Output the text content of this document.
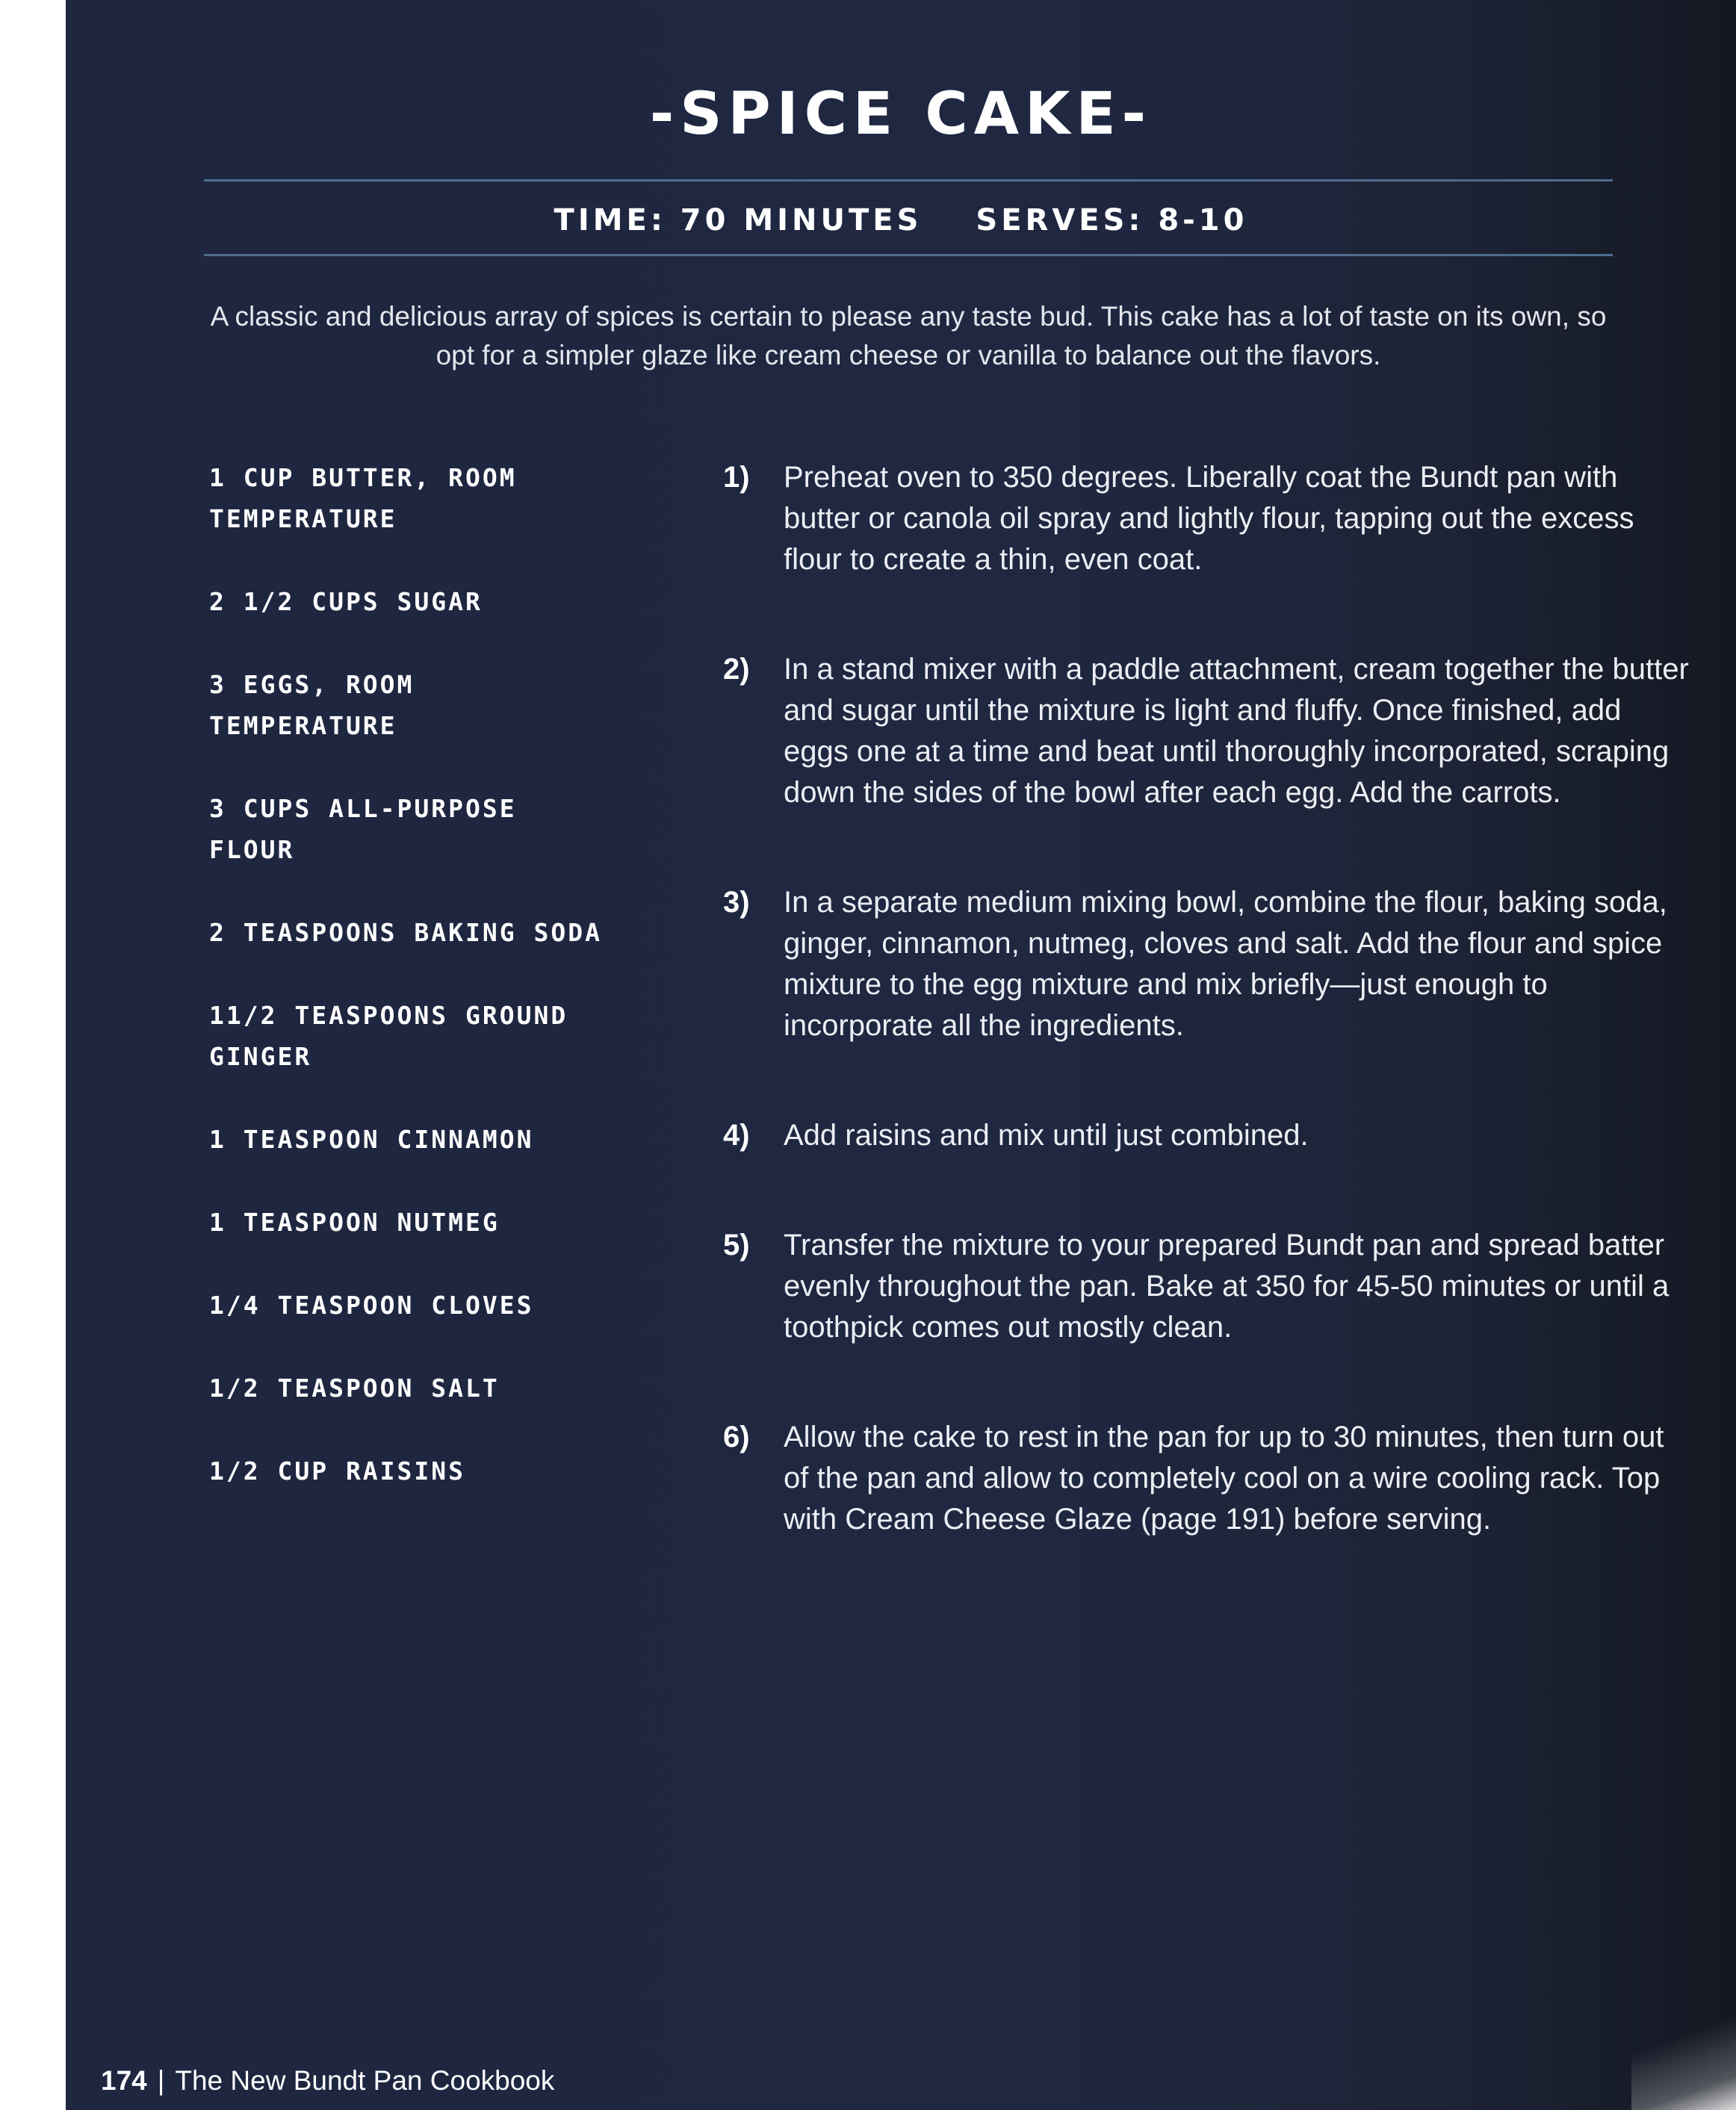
-SPICE CAKE-
TIME: 70 MINUTES SERVES: 8-10
A classic and delicious array of spices is certain to please any taste bud. This cake has a lot of taste on its own, so opt for a simpler glaze like cream cheese or vanilla to balance out the flavors.
1 CUP BUTTER, ROOM TEMPERATURE
2 1/2 CUPS SUGAR
3 EGGS, ROOM TEMPERATURE
3 CUPS ALL-PURPOSE FLOUR
2 TEASPOONS BAKING SODA
11/2 TEASPOONS GROUND GINGER
1 TEASPOON CINNAMON
1 TEASPOON NUTMEG
1/4 TEASPOON CLOVES
1/2 TEASPOON SALT
1/2 CUP RAISINS
1) Preheat oven to 350 degrees. Liberally coat the Bundt pan with butter or canola oil spray and lightly flour, tapping out the excess flour to create a thin, even coat.
2) In a stand mixer with a paddle attachment, cream together the butter and sugar until the mixture is light and fluffy. Once finished, add eggs one at a time and beat until thoroughly incorporated, scraping down the sides of the bowl after each egg. Add the carrots.
3) In a separate medium mixing bowl, combine the flour, baking soda, ginger, cinnamon, nutmeg, cloves and salt. Add the flour and spice mixture to the egg mixture and mix briefly—just enough to incorporate all the ingredients.
4) Add raisins and mix until just combined.
5) Transfer the mixture to your prepared Bundt pan and spread batter evenly throughout the pan. Bake at 350 for 45-50 minutes or until a toothpick comes out mostly clean.
6) Allow the cake to rest in the pan for up to 30 minutes, then turn out of the pan and allow to completely cool on a wire cooling rack. Top with Cream Cheese Glaze (page 191) before serving.
174 | The New Bundt Pan Cookbook
